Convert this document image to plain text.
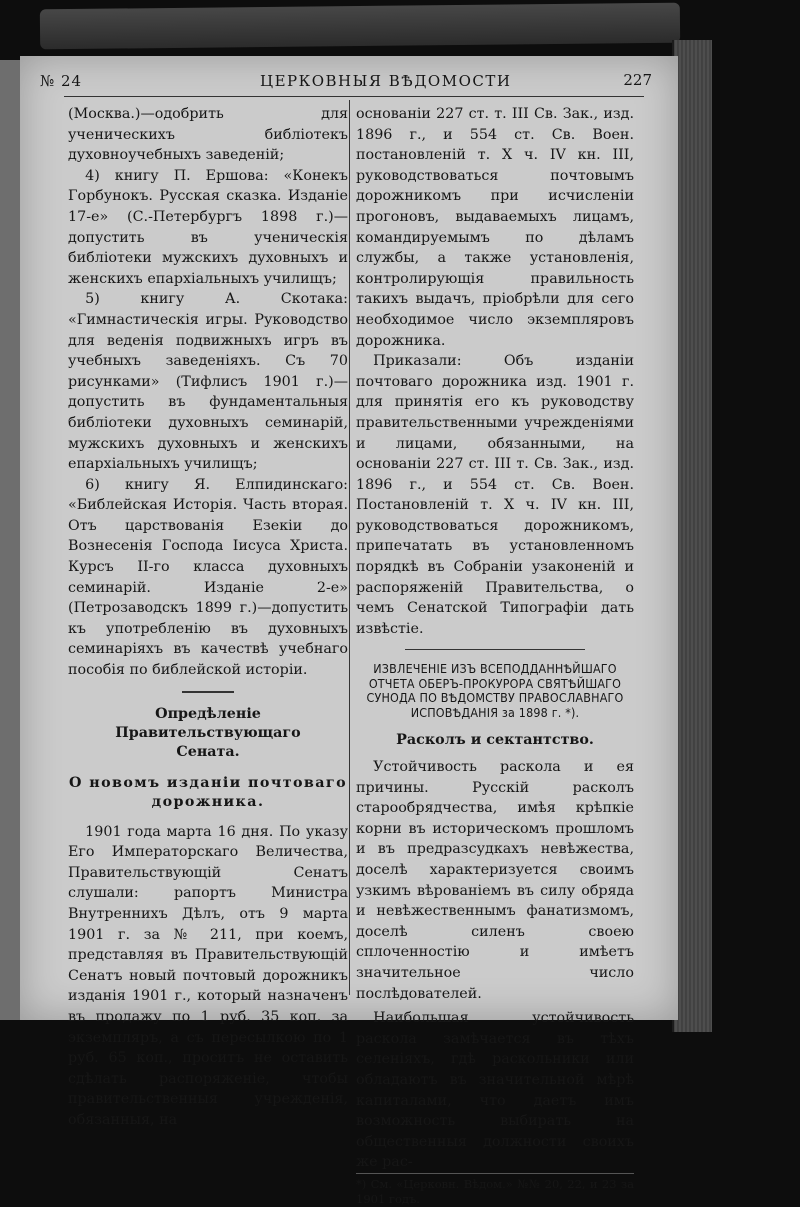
№ 24	ЦЕРКОВНЫЯ ВѢДОМОСТИ	227

(Москва.)—одобрить для ученическихъ библіотекъ духовноучебныхъ заведеній;

4) книгу П. Ершова: «Конекъ Горбунокъ. Русская сказка. Изданіе 17-е» (С.-Петербургъ 1898 г.)—допустить въ ученическія библіотеки мужскихъ духовныхъ и женскихъ епархіальныхъ училищъ;

5) книгу А. Скотака: «Гимнастическія игры. Руководство для веденія подвижныхъ игръ въ учебныхъ заведеніяхъ. Съ 70 рисунками» (Тифлисъ 1901 г.)—допустить въ фундаментальныя библіотеки духовныхъ семинарій, мужскихъ духовныхъ и женскихъ епархіальныхъ училищъ;

6) книгу Я. Елпидинскаго: «Библейская Исторія. Часть вторая. Отъ царствованія Езекіи до Вознесенія Господа Іисуса Христа. Курсъ II-го класса духовныхъ семинарій. Изданіе 2-е» (Петрозаводскъ 1899 г.)—допустить къ употребленію въ духовныхъ семинаріяхъ въ качествѣ учебнаго пособія по библейской исторіи.

Опредѣленіе Правительствующаго Сената.

О новомъ изданіи почтоваго дорожника.

1901 года марта 16 дня. По указу Его Императорскаго Величества, Правительствующій Сенатъ слушали: рапортъ Министра Внутреннихъ Дѣлъ, отъ 9 марта 1901 г. за № 211, при коемъ, представляя въ Правительствующій Сенатъ новый почтовый дорожникъ изданія 1901 г., который назначенъ въ продажу по 1 руб. 35 коп. за экземпляръ, а съ пересылкою по 1 руб. 65 коп., проситъ не оставить сдѣлать распоряженіе, чтобы правительственныя учрежденія, обязанныя, на

основаніи 227 ст. т. III Св. Зак., изд. 1896 г., и 554 ст. Св. Воен. постановленій т. X ч. IV кн. III, руководствоваться почтовымъ дорожникомъ при исчисленіи прогоновъ, выдаваемыхъ лицамъ, командируемымъ по дѣламъ службы, а также установленія, контролирующія правильность такихъ выдачъ, пріобрѣли для сего необходимое число экземпляровъ дорожника.

Приказали: Объ изданіи почтоваго дорожника изд. 1901 г. для принятія его къ руководству правительственными учрежденіями и лицами, обязанными, на основаніи 227 ст. III т. Св. Зак., изд. 1896 г., и 554 ст. Св. Воен. Постановленій т. X ч. IV кн. III, руководствоваться дорожникомъ, припечатать въ установленномъ порядкѣ въ Собраніи узаконеній и распоряженій Правительства, о чемъ Сенатской Типографіи дать извѣстіе.

ИЗВЛЕЧЕНІЕ ИЗЪ ВСЕПОДДАННѢЙШАГО ОТЧЕТА ОБЕРЪ-ПРОКУРОРА СВЯТѢЙШАГО СУНОДА ПО ВѢДОМСТВУ ПРАВОСЛАВНАГО ИСПОВѢДАНІЯ за 1898 г. *).

Расколъ и сектантство.

Устойчивость раскола и ея причины. Русскій расколъ старообрядчества, имѣя крѣпкіе корни въ историческомъ прошломъ и въ предразсудкахъ невѣжества, доселѣ характеризуется своимъ узкимъ вѣрованіемъ въ силу обряда и невѣжественнымъ фанатизмомъ, доселѣ силенъ своею сплоченностію и имѣетъ значительное число послѣдователей.

Наибольшая устойчивость раскола замѣчается въ тѣхъ селеніяхъ, гдѣ раскольники или обладаютъ въ значительной мѣрѣ капиталами, что даетъ имъ возможность выбирать на общественныя должности своихъ же рас-

*) См. «Церковн. Вѣдом.» №№ 20, 22, и 23 за 1901 годъ.
